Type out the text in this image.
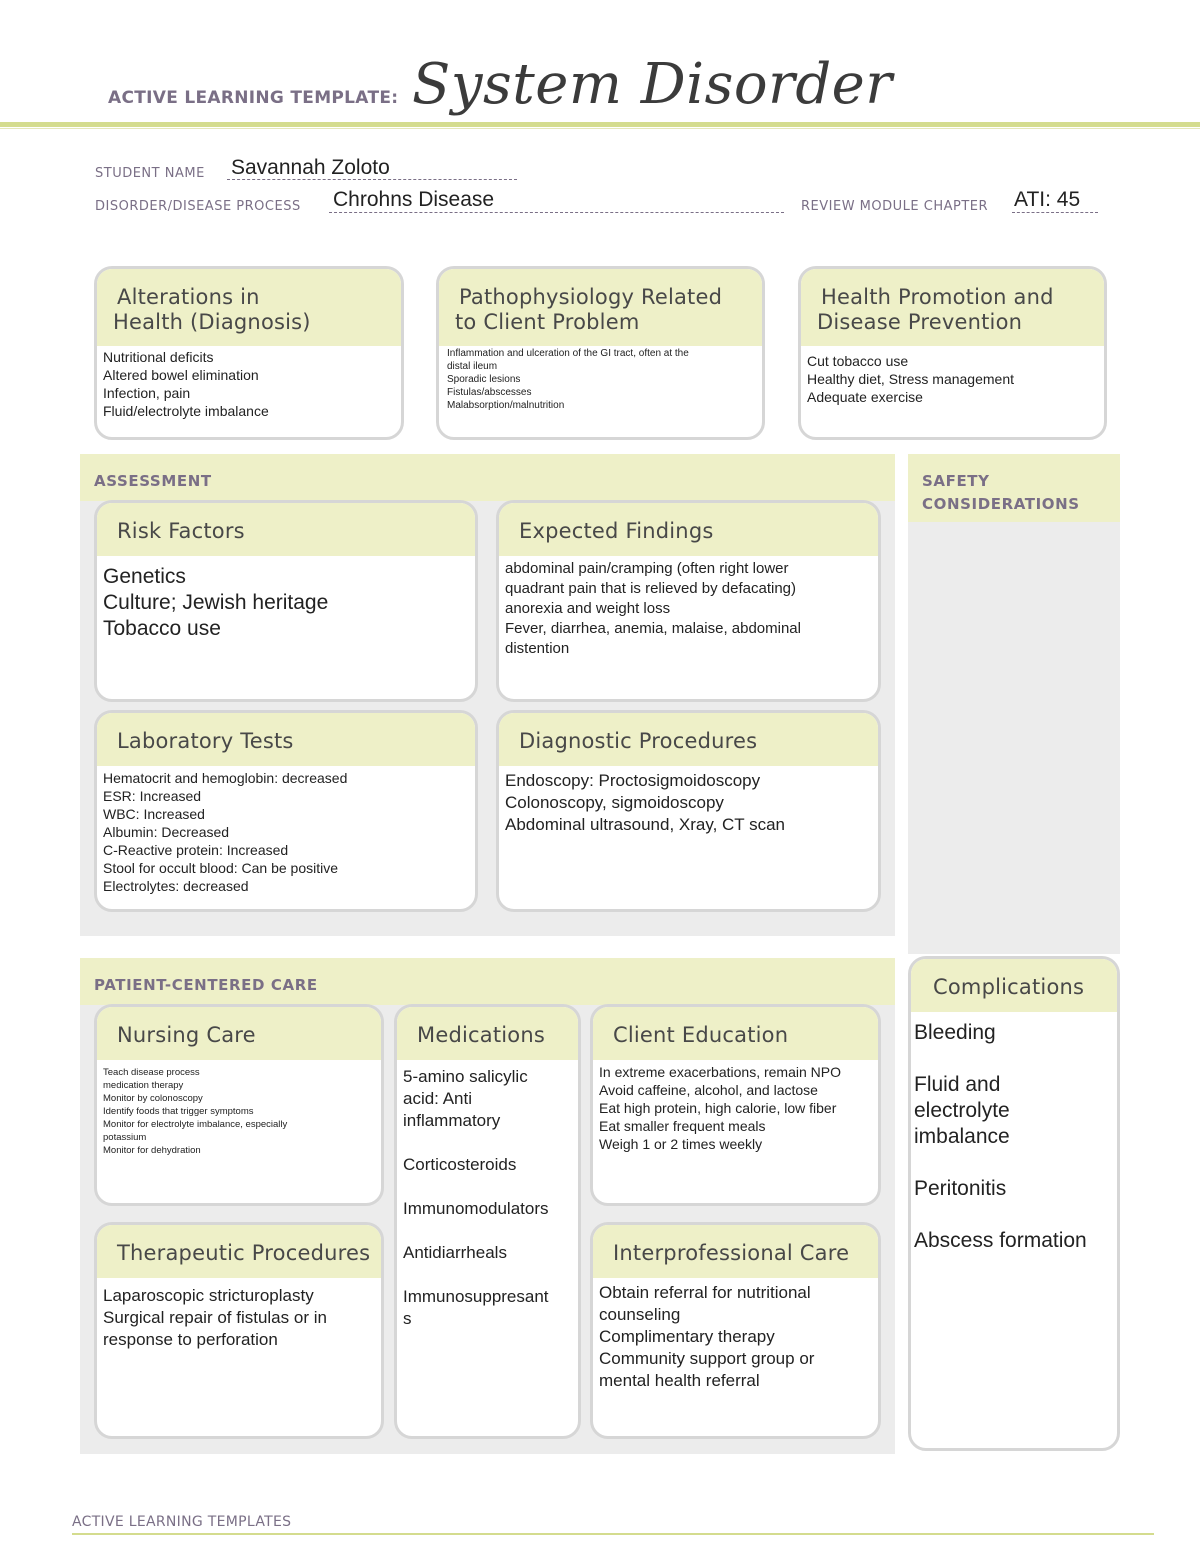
ACTIVE LEARNING TEMPLATE: System Disorder
STUDENT NAME Savannah Zoloto
DISORDER/DISEASE PROCESS Chrohns Disease	REVIEW MODULE CHAPTER ATI: 45
Alterations in
Health (Diagnosis)
Nutritional deficits
Altered bowel elimination
Infection, pain
Fluid/electrolyte imbalance
Pathophysiology Related
to Client Problem
Inflammation and ulceration of the GI tract, often at the
distal ileum
Sporadic lesions
Fistulas/abscesses
Malabsorption/malnutrition
Health Promotion and
Disease Prevention
Cut tobacco use
Healthy diet, Stress management
Adequate exercise
ASSESSMENT
Risk Factors
Genetics
Culture; Jewish heritage
Tobacco use
Expected Findings
abdominal pain/cramping (often right lower
quadrant pain that is relieved by defacating)
anorexia and weight loss
Fever, diarrhea, anemia, malaise, abdominal
distention
Laboratory Tests
Hematocrit and hemoglobin: decreased
ESR: Increased
WBC: Increased
Albumin: Decreased
C-Reactive protein: Increased
Stool for occult blood: Can be positive
Electrolytes: decreased
Diagnostic Procedures
Endoscopy: Proctosigmoidoscopy
Colonoscopy, sigmoidoscopy
Abdominal ultrasound, Xray, CT scan
SAFETY
CONSIDERATIONS
PATIENT-CENTERED CARE
Nursing Care
Teach disease process
medication therapy
Monitor by colonoscopy
Identify foods that trigger symptoms
Monitor for electrolyte imbalance, especially
potassium
Monitor for dehydration
Medications
5-amino salicylic
acid: Anti
inflammatory
Corticosteroids
Immunomodulators
Antidiarrheals
Immunosuppresant
s
Client Education
In extreme exacerbations, remain NPO
Avoid caffeine, alcohol, and lactose
Eat high protein, high calorie, low fiber
Eat smaller frequent meals
Weigh 1 or 2 times weekly
Therapeutic Procedures
Laparoscopic stricturoplasty
Surgical repair of fistulas or in
response to perforation
Interprofessional Care
Obtain referral for nutritional
counseling
Complimentary therapy
Community support group or
mental health referral
Complications
Bleeding
Fluid and
electrolyte
imbalance
Peritonitis
Abscess formation
ACTIVE LEARNING TEMPLATES
